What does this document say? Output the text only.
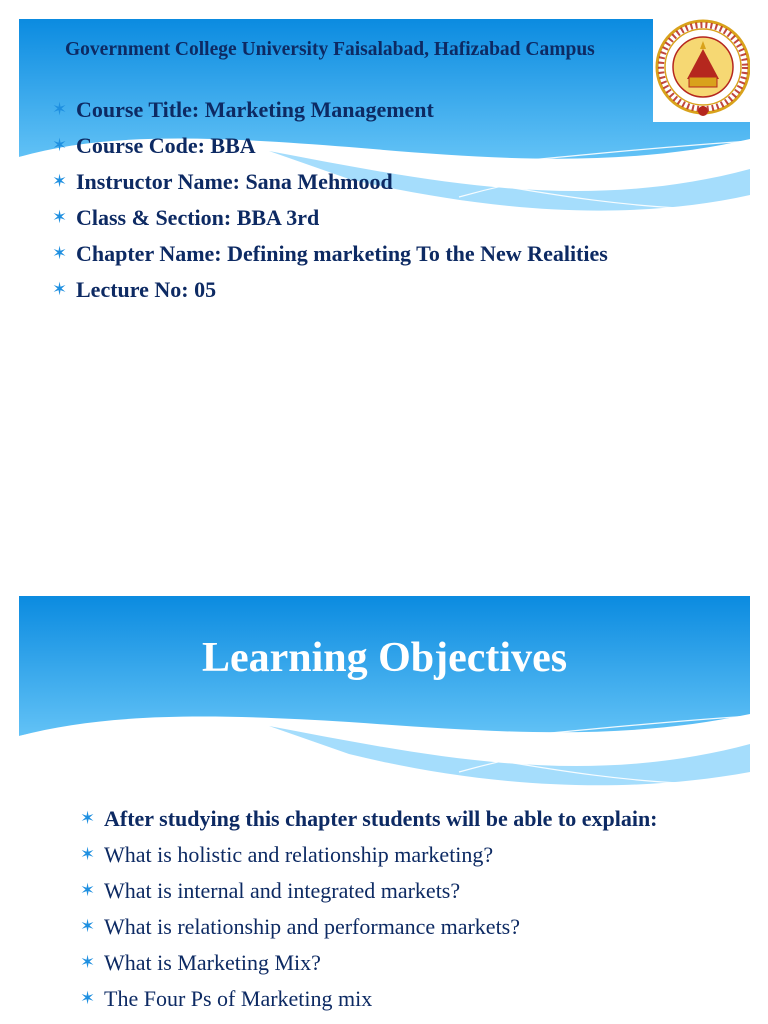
Government College University Faisalabad, Hafizabad Campus
✶ Course Title: Marketing Management
✶ Course Code: BBA
✶ Instructor Name: Sana Mehmood
✶ Class & Section: BBA 3rd
✶ Chapter Name: Defining marketing To the New Realities
✶ Lecture No: 05
Learning Objectives
✶ After studying this chapter students will be able to explain:
✶ What is holistic and relationship marketing?
✶ What is internal and integrated markets?
✶ What is relationship and performance markets?
✶ What is Marketing Mix?
✶ The Four Ps of Marketing mix
